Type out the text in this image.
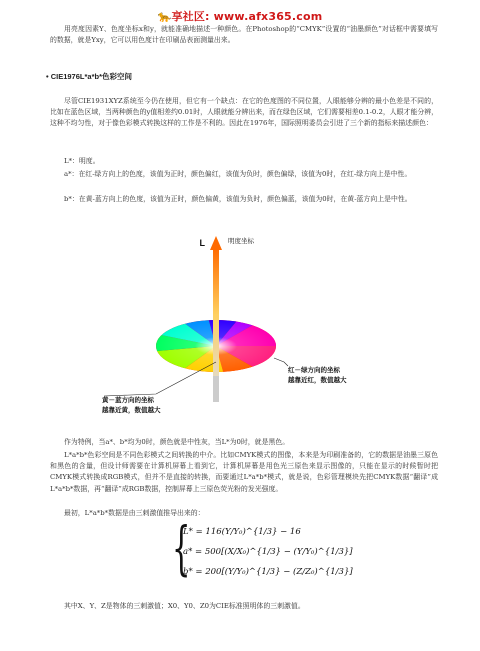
🐆享社区: www.afx365.com

用亮度因素Y、色度坐标x和y，就能准确地描述一种颜色。在Photoshop的“CMYK”设置的“油墨颜色”对话框中需要填写的数据，就是Yxy，它可以用色度计在印刷品表面测量出来。

• CIE1976L*a*b*色彩空间

尽管CIE1931XYZ系统至今仍在使用，但它有一个缺点：在它的色度图的不同位置，人眼能够分辨的最小色差是不同的，比如在蓝色区域，当两种颜色的y值相差约0.01时，人眼就能分辨出来，而在绿色区域，它们需要相差0.1-0.2，人眼才能分辨，这种不均匀性，对于像色彩模式转换这样的工作是不利的。因此在1976年，国际照明委员会引进了三个新的指标来描述颜色：

L*：明度。

a*：在红-绿方向上的色度，该值为正时，颜色偏红，该值为负时，颜色偏绿，该值为0时，在红-绿方向上是中性。

b*：在黄-蓝方向上的色度，该值为正时，颜色偏黄，该值为负时，颜色偏蓝，该值为0时，在黄-蓝方向上是中性。

L	明度坐标
红－绿方向的坐标
越靠近红，数值越大
黄－蓝方向的坐标
越靠近黄，数值越大

作为特例，当a*、b*均为0时，颜色就是中性灰，当L*为0时，就是黑色。

L*a*b*色彩空间是不同色彩模式之间转换的中介。比如CMYK模式的图像，本来是为印刷准备的，它的数据是油墨三原色和黑色的含量，但设计师需要在计算机屏幕上看到它，计算机屏幕是用色光三原色来显示图像的，只能在显示的时候暂时把CMYK模式转换成RGB模式，但并不是直接的转换，而要通过L*a*b*模式，就是说，色彩管理模块先把CMYK数据“翻译”成L*a*b*数据，再“翻译”成RGB数据，控制屏幕上三原色荧光粉的发光强度。

最初，L*a*b*数据是由三刺激值推导出来的：

{
L* = 116(Y/Y₀)^{1/3} − 16
a* = 500[(X/X₀)^{1/3} − (Y/Y₀)^{1/3}]
b* = 200[(Y/Y₀)^{1/3} − (Z/Z₀)^{1/3}]

其中X、Y、Z是物体的三刺激值；X0、Y0、Z0为CIE标准照明体的三刺激值。
